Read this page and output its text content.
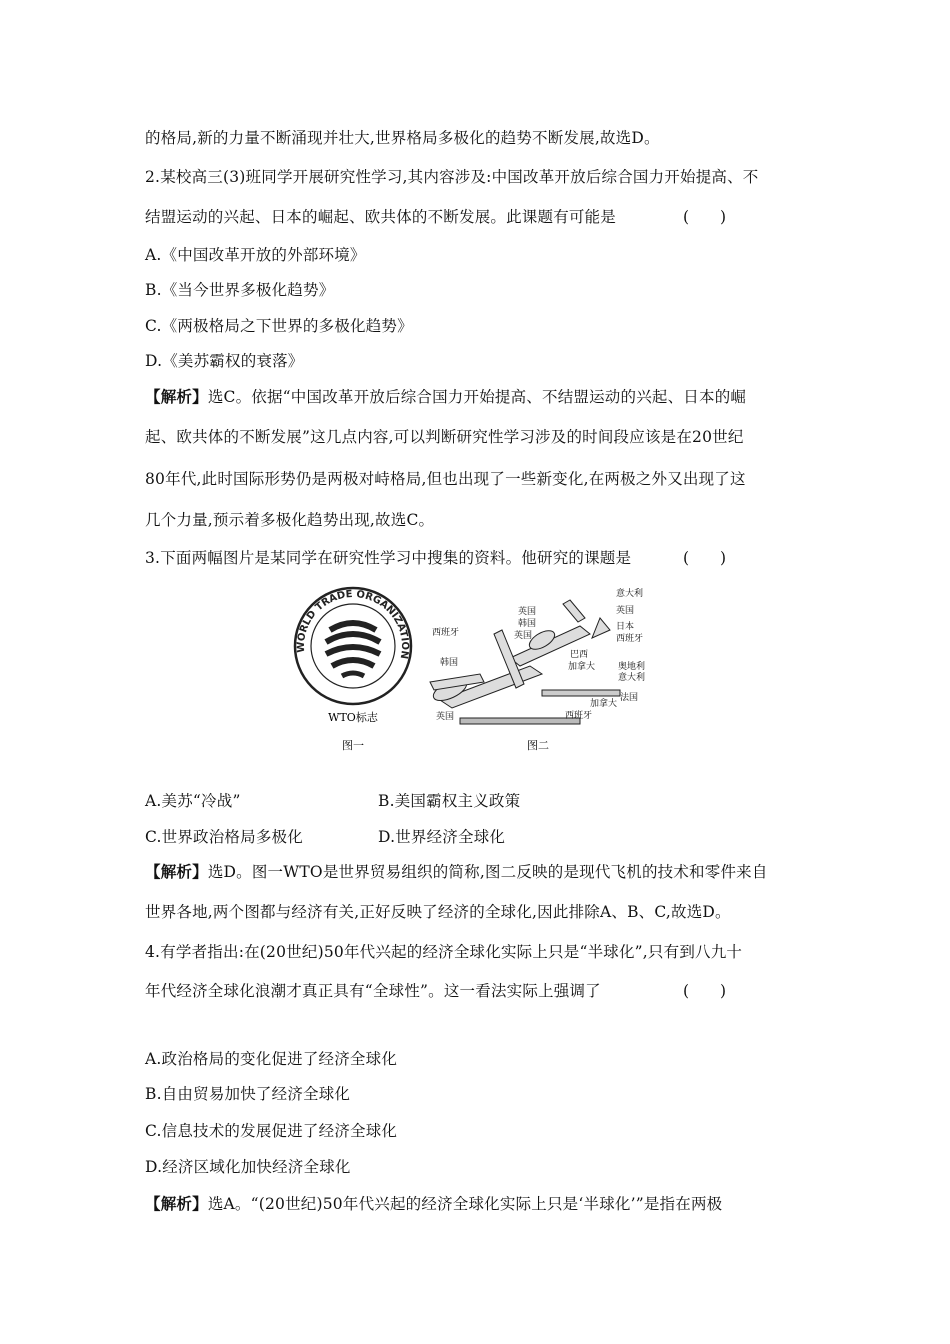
的格局,新的力量不断涌现并壮大,世界格局多极化的趋势不断发展,故选D。
2.某校高三(3)班同学开展研究性学习,其内容涉及:中国改革开放后综合国力开始提高、不
结盟运动的兴起、日本的崛起、欧共体的不断发展。此课题有可能是	(　　)
A.《中国改革开放的外部环境》
B.《当今世界多极化趋势》
C.《两极格局之下世界的多极化趋势》
D.《美苏霸权的衰落》
【解析】选C。依据“中国改革开放后综合国力开始提高、不结盟运动的兴起、日本的崛
起、欧共体的不断发展”这几点内容,可以判断研究性学习涉及的时间段应该是在20世纪
80年代,此时国际形势仍是两极对峙格局,但也出现了一些新变化,在两极之外又出现了这
几个力量,预示着多极化趋势出现,故选C。
3.下面两幅图片是某同学在研究性学习中搜集的资料。他研究的课题是	(　　)
WORLD TRADE ORGANIZATION
WTO标志
图一
意大利
英国
日本
西班牙
英国
韩国
英国
西班牙
韩国
巴西
加拿大	奥地利
意大利
法国
加拿大
西班牙
英国
图二
A.美苏“冷战”	B.美国霸权主义政策
C.世界政治格局多极化	D.世界经济全球化
【解析】选D。图一WTO是世界贸易组织的简称,图二反映的是现代飞机的技术和零件来自
世界各地,两个图都与经济有关,正好反映了经济的全球化,因此排除A、B、C,故选D。
4.有学者指出:在(20世纪)50年代兴起的经济全球化实际上只是“半球化”,只有到八九十
年代经济全球化浪潮才真正具有“全球性”。这一看法实际上强调了	(　　)
A.政治格局的变化促进了经济全球化
B.自由贸易加快了经济全球化
C.信息技术的发展促进了经济全球化
D.经济区域化加快经济全球化
【解析】选A。“(20世纪)50年代兴起的经济全球化实际上只是‘半球化’”是指在两极
